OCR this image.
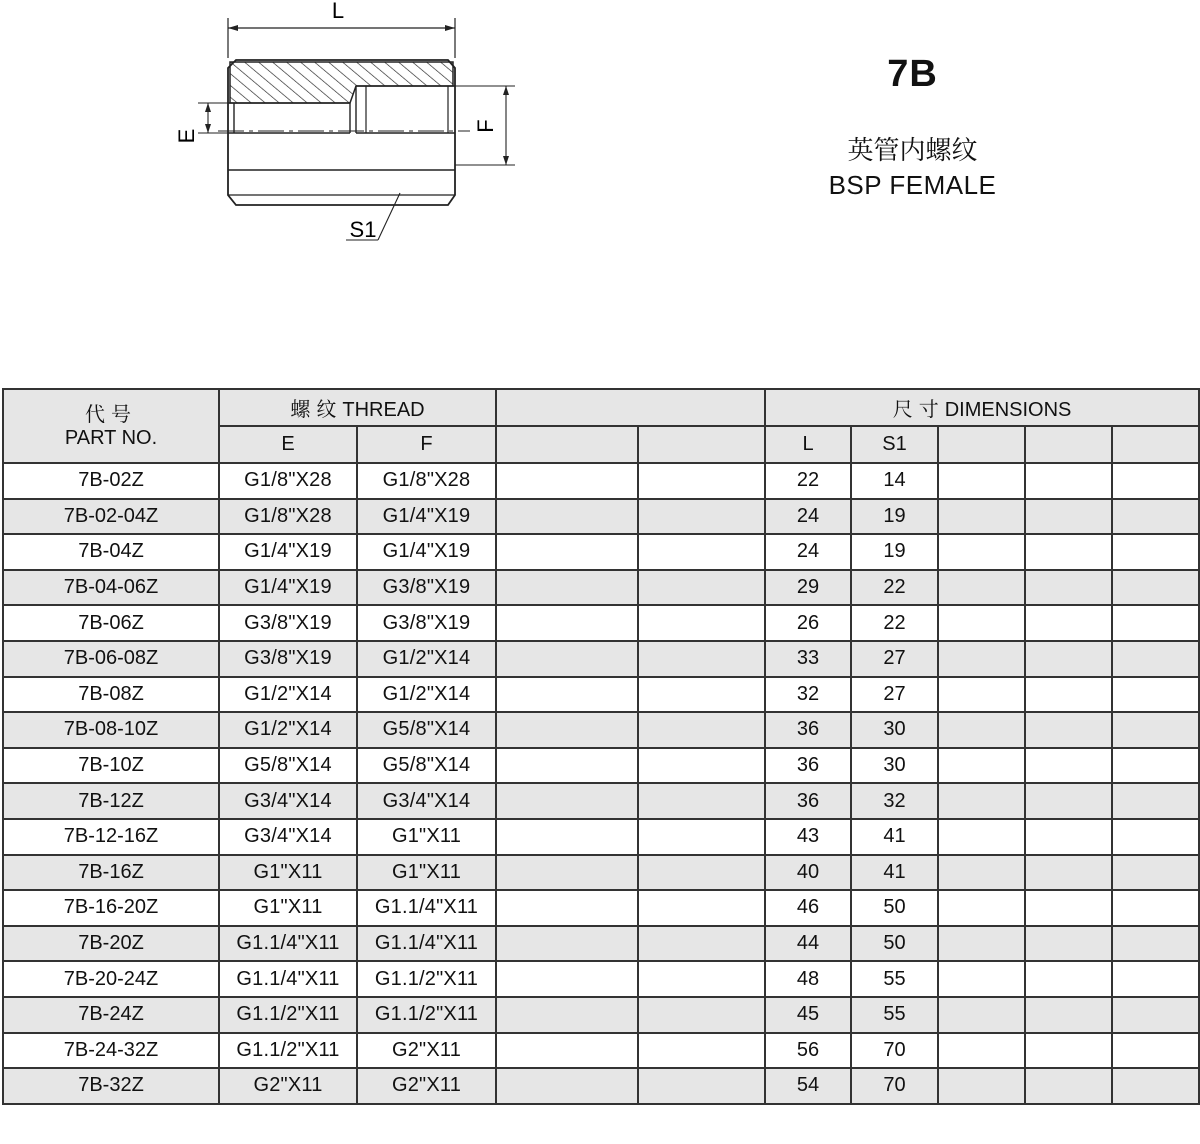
L
E
F
S1
7B
英管内螺纹
BSP FEMALE
代号
PART NO.	螺纹THREAD				尺寸DIMENSIONS				
	E	F			L	S1			
7B-02Z	G1/8"X28	G1/8"X28			22	14			
7B-02-04Z	G1/8"X28	G1/4"X19			24	19			
7B-04Z	G1/4"X19	G1/4"X19			24	19			
7B-04-06Z	G1/4"X19	G3/8"X19			29	22			
7B-06Z	G3/8"X19	G3/8"X19			26	22			
7B-06-08Z	G3/8"X19	G1/2"X14			33	27			
7B-08Z	G1/2"X14	G1/2"X14			32	27			
7B-08-10Z	G1/2"X14	G5/8"X14			36	30			
7B-10Z	G5/8"X14	G5/8"X14			36	30			
7B-12Z	G3/4"X14	G3/4"X14			36	32			
7B-12-16Z	G3/4"X14	G1"X11			43	41			
7B-16Z	G1"X11	G1"X11			40	41			
7B-16-20Z	G1"X11	G1.1/4"X11			46	50			
7B-20Z	G1.1/4"X11	G1.1/4"X11			44	50			
7B-20-24Z	G1.1/4"X11	G1.1/2"X11			48	55			
7B-24Z	G1.1/2"X11	G1.1/2"X11			45	55			
7B-24-32Z	G1.1/2"X11	G2"X11			56	70			
7B-32Z	G2"X11	G2"X11			54	70			
